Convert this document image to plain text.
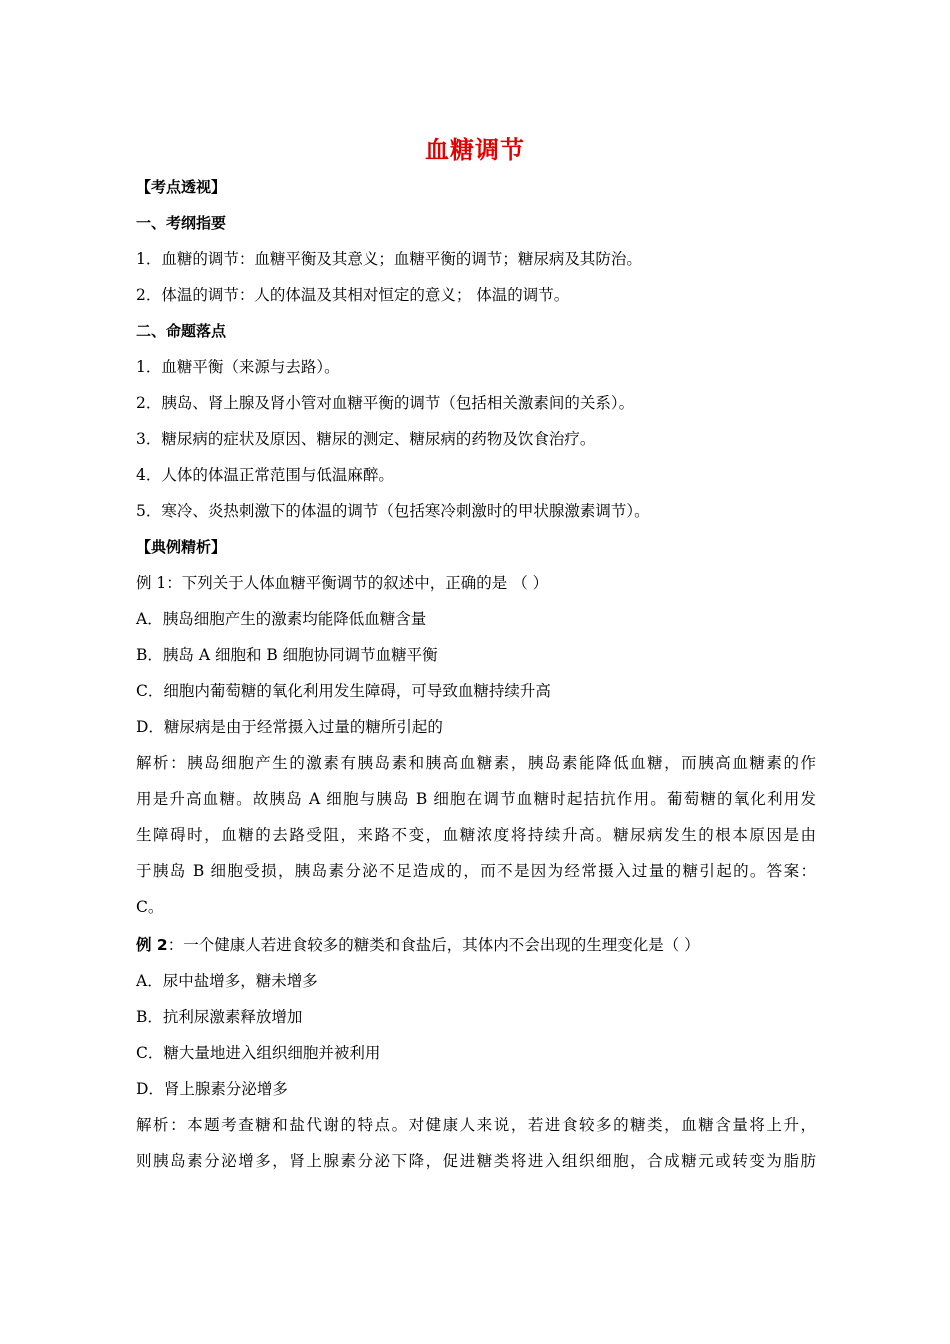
血糖调节
【考点透视】
一、考纲指要
1．血糖的调节：血糖平衡及其意义；血糖平衡的调节；糖尿病及其防治。
2．体温的调节：人的体温及其相对恒定的意义； 体温的调节。
二、命题落点
1．血糖平衡（来源与去路）。
2．胰岛、肾上腺及肾小管对血糖平衡的调节（包括相关激素间的关系）。
3．糖尿病的症状及原因、糖尿的测定、糖尿病的药物及饮食治疗。
4．人体的体温正常范围与低温麻醉。
5．寒冷、炎热刺激下的体温的调节（包括寒冷刺激时的甲状腺激素调节）。
【典例精析】
例 1：下列关于人体血糖平衡调节的叙述中，正确的是 （ ）
A．胰岛细胞产生的激素均能降低血糖含量
B．胰岛 A 细胞和 B 细胞协同调节血糖平衡
C．细胞内葡萄糖的氧化利用发生障碍，可导致血糖持续升高
D．糖尿病是由于经常摄入过量的糖所引起的
解析：胰岛细胞产生的激素有胰岛素和胰高血糖素，胰岛素能降低血糖，而胰高血糖素的作
用是升高血糖。故胰岛 A 细胞与胰岛 B 细胞在调节血糖时起拮抗作用。葡萄糖的氧化利用发
生障碍时，血糖的去路受阻，来路不变，血糖浓度将持续升高。糖尿病发生的根本原因是由
于胰岛 B 细胞受损，胰岛素分泌不足造成的，而不是因为经常摄入过量的糖引起的。答案：
C。
例 2：一个健康人若进食较多的糖类和食盐后，其体内不会出现的生理变化是（ ）
A．尿中盐增多，糖未增多
B．抗利尿激素释放增加
C．糖大量地进入组织细胞并被利用
D．肾上腺素分泌增多
解析：本题考查糖和盐代谢的特点。对健康人来说，若进食较多的糖类，血糖含量将上升，
则胰岛素分泌增多，肾上腺素分泌下降，促进糖类将进入组织细胞，合成糖元或转变为脂肪
